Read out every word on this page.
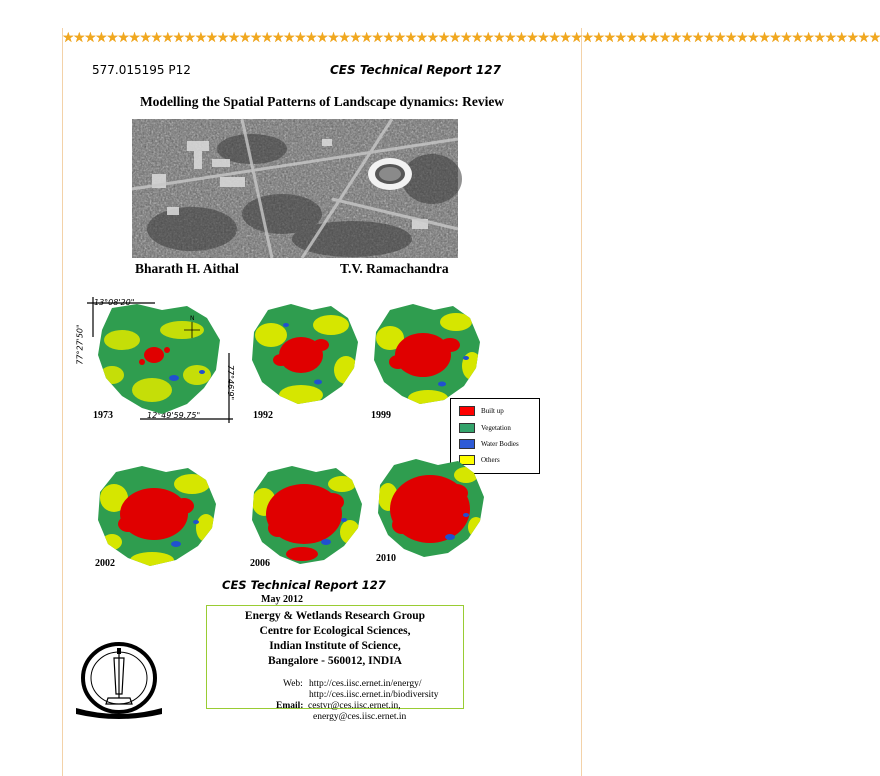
★★★★★★★★★★★★★★★★★★★★★★★★★★★★★★★★★★★★★★★★★★★★★★★★★★★★★★★★★★★★★★★★★★★★★★★★★★
577.015195 P12	CES Technical Report 127
Modelling the Spatial Patterns of Landscape dynamics: Review
Bharath H. Aithal	T.V. Ramachandra
13°08'20"
77°27'50"
77°46'9"
12°49'59.75"
N
1973	1992	1999	Built up
Vegetation
Water Bodies
Others
2002	2006	2010
CES Technical Report 127
May 2012
Energy & Wetlands Research Group
Centre for Ecological Sciences,
Indian Institute of Science,
Bangalore - 560012, INDIA
Web: http://ces.iisc.ernet.in/energy/
http://ces.iisc.ernet.in/biodiversity
Email: cestvr@ces.iisc.ernet.in,
energy@ces.iisc.ernet.in
